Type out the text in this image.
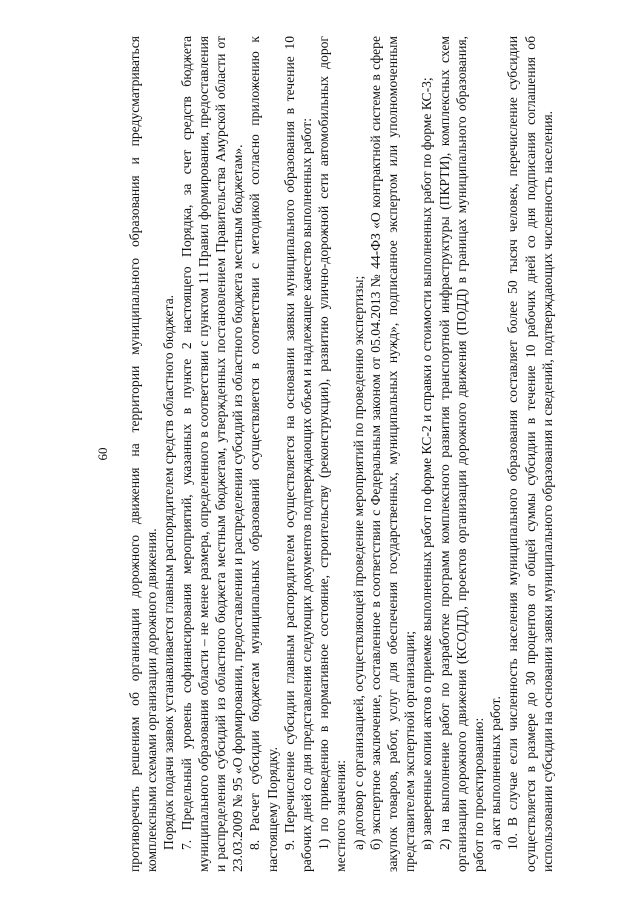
60	противоречить решениям об организации дорожного движения на территории муниципального образования и предусматриваться комплексными схемами организации дорожного движения. Порядок подачи заявок устанавливается главным распорядителем средств областного бюджета. 7. Предельный уровень софинансирования мероприятий, указанных в пункте 2 настоящего Порядка, за счет средств бюджета муниципального образования области – не менее размера, определенного в соответствии с пунктом 11 Правил формирования, предоставления и распределения субсидий из областного бюджета местным бюджетам, утвержденных постановлением Правительства Амурской области от 23.03.2009 № 95 «О формировании, предоставлении и распределении субсидий из областного бюджета местным бюджетам». 8. Расчет субсидии бюджетам муниципальных образований осуществляется в соответствии с методикой согласно приложению к настоящему Порядку. 9. Перечисление субсидии главным распорядителем осуществляется на основании заявки муниципального образования в течение 10 рабочих дней со дня представления следующих документов подтверждающих объем и надлежащее качество выполненных работ: 1) по приведению в нормативное состояние, строительству (реконструкции), развитию улично-дорожной сети автомобильных дорог местного значения: а) договор с организацией, осуществляющей проведение мероприятий по проведению экспертизы; б) экспертное заключение, составленное в соответствии с Федеральным законом от 05.04.2013 № 44-ФЗ «О контрактной системе в сфере закупок товаров, работ, услуг для обеспечения государственных, муниципальных нужд», подписанное экспертом или уполномоченным представителем экспертной организации; в) заверенные копии актов о приемке выполненных работ по форме КС-2 и справки о стоимости выполненных работ по форме КС-3; 2) на выполнение работ по разработке программ комплексного развития транспортной инфраструктуры (ПКРТИ), комплексных схем организации дорожного движения (КСОДД), проектов организации дорожного движения (ПОДД) в границах муниципального образования, работ по проектированию: а) акт выполненных работ. 10. В случае если численность населения муниципального образования составляет более 50 тысяч человек, перечисление субсидии осуществляется в размере до 30 процентов от общей суммы субсидии в течение 10 рабочих дней со дня подписания соглашения об использовании субсидии на основании заявки муниципального образования и сведений, подтверждающих численность населения.
